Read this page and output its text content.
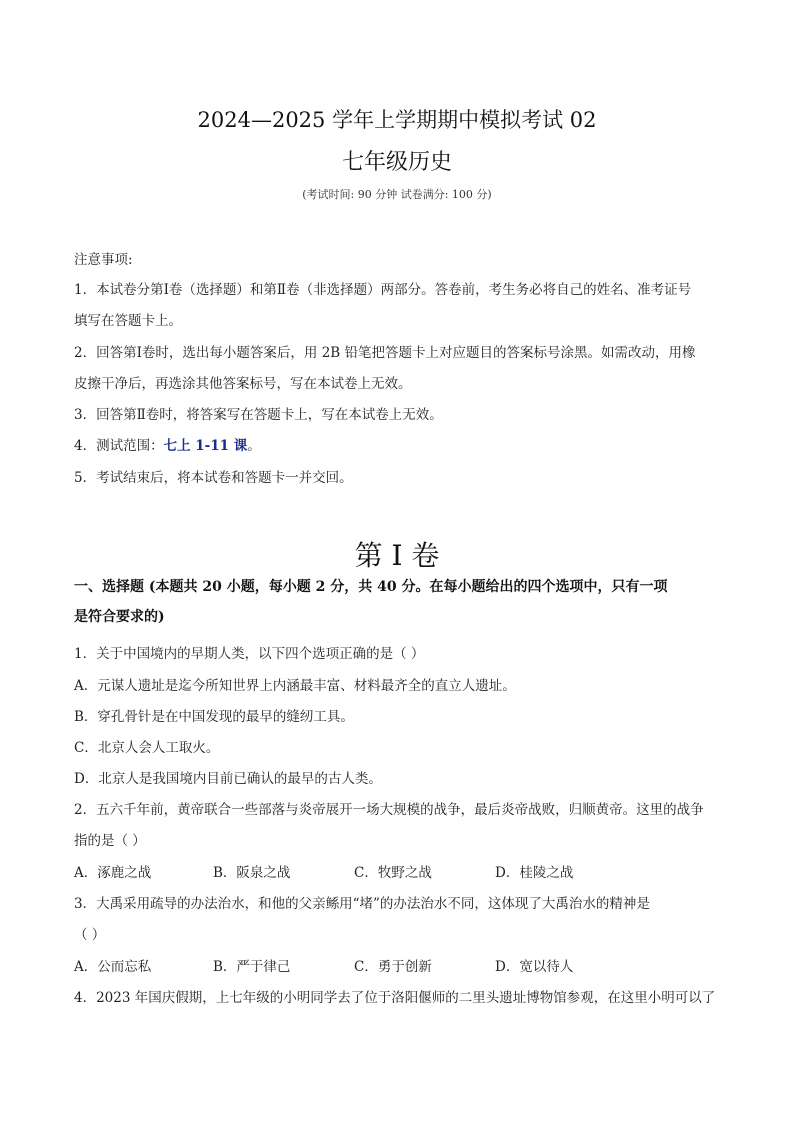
2024—2025 学年上学期期中模拟考试 02
七年级历史
(考试时间: 90 分钟 试卷满分: 100 分)
注意事项:
1．本试卷分第Ⅰ卷（选择题）和第Ⅱ卷（非选择题）两部分。答卷前，考生务必将自己的姓名、准考证号
填写在答题卡上。
2．回答第Ⅰ卷时，选出每小题答案后，用 2B 铅笔把答题卡上对应题目的答案标号涂黑。如需改动，用橡
皮擦干净后，再选涂其他答案标号，写在本试卷上无效。
3．回答第Ⅱ卷时，将答案写在答题卡上，写在本试卷上无效。
4．测试范围：七上 1-11 课。
5．考试结束后，将本试卷和答题卡一并交回。
第 I 卷
一、选择题 (本题共 20 小题，每小题 2 分，共 40 分。在每小题给出的四个选项中，只有一项
是符合要求的)
1．关于中国境内的早期人类，以下四个选项正确的是（ ）
A．元谋人遗址是迄今所知世界上内涵最丰富、材料最齐全的直立人遗址。
B．穿孔骨针是在中国发现的最早的缝纫工具。
C．北京人会人工取火。
D．北京人是我国境内目前已确认的最早的古人类。
2．五六千年前，黄帝联合一些部落与炎帝展开一场大规模的战争，最后炎帝战败，归顺黄帝。这里的战争
指的是（ ）
A．涿鹿之战	B．阪泉之战	C．牧野之战	D．桂陵之战
3．大禹采用疏导的办法治水，和他的父亲鲧用“堵”的办法治水不同，这体现了大禹治水的精神是
（ ）
A．公而忘私	B．严于律己	C．勇于创新	D．宽以待人
4．2023 年国庆假期，上七年级的小明同学去了位于洛阳偃师的二里头遗址博物馆参观，在这里小明可以了
